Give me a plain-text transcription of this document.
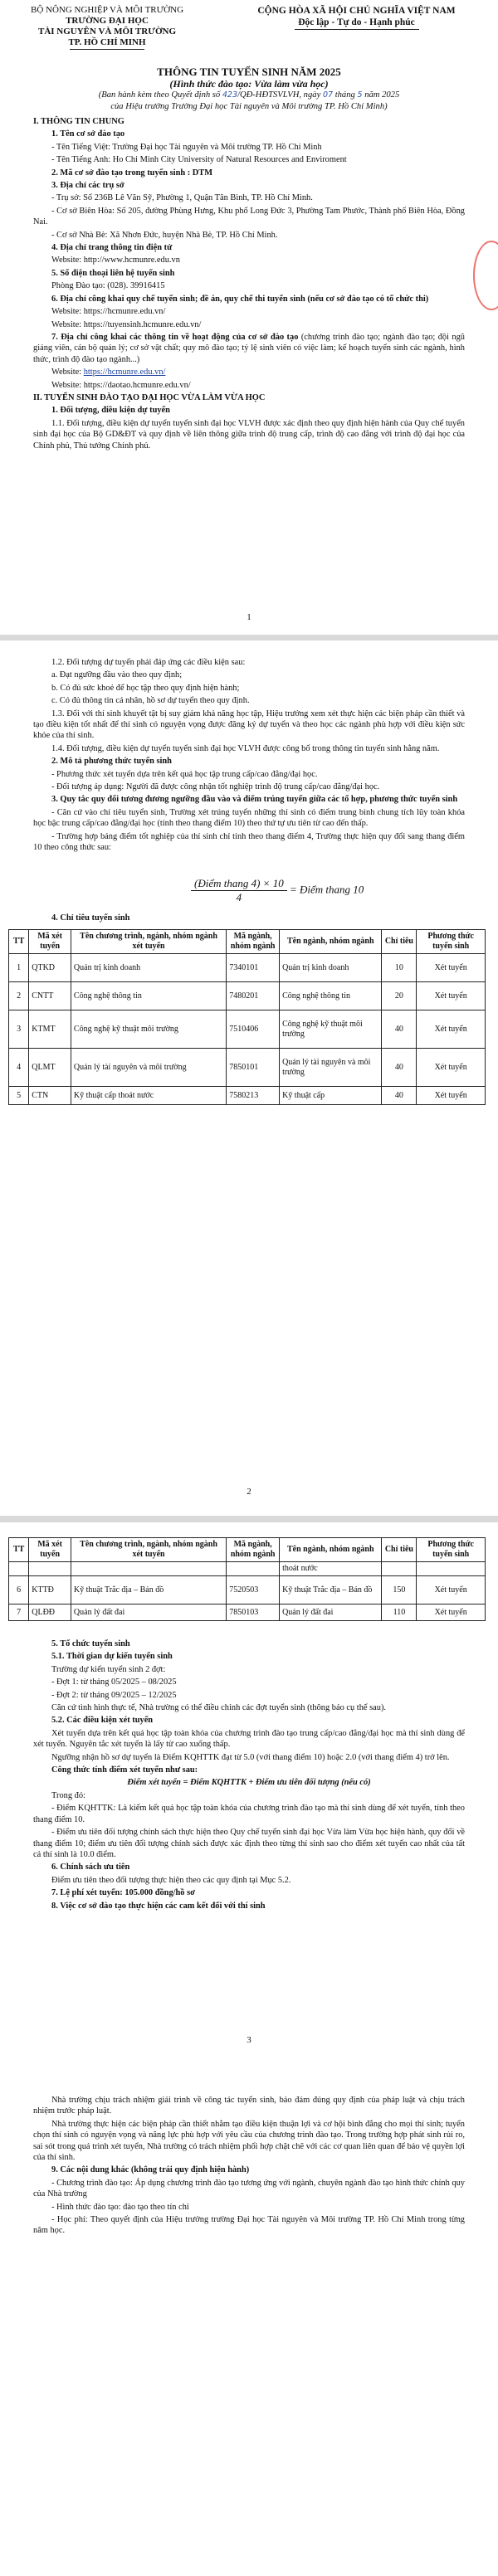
BỘ NÔNG NGHIỆP VÀ MÔI TRƯỜNG
TRƯỜNG ĐẠI HỌC
TÀI NGUYÊN VÀ MÔI TRƯỜNG
TP. HỒ CHÍ MINH
CỘNG HÒA XÃ HỘI CHỦ NGHĨA VIỆT NAM
Độc lập - Tự do - Hạnh phúc
THÔNG TIN TUYỂN SINH NĂM 2025
(Hình thức đào tạo: Vừa làm vừa học)
(Ban hành kèm theo Quyết định số 423/QĐ-HĐTSVLVH, ngày 07 tháng 5 năm 2025
của Hiệu trưởng Trường Đại học Tài nguyên và Môi trường TP. Hồ Chí Minh)

I. THÔNG TIN CHUNG

1. Tên cơ sở đào tạo

- Tên Tiếng Việt: Trường Đại học Tài nguyên và Môi trường TP. Hồ Chí Minh

- Tên Tiếng Anh: Ho Chi Minh City University of Natural Resources and Enviroment

2. Mã cơ sở đào tạo trong tuyển sinh : DTM

3. Địa chỉ các trụ sở

- Trụ sở: Số 236B Lê Văn Sỹ, Phường 1, Quận Tân Bình, TP. Hồ Chí Minh.

- Cơ sở Biên Hòa: Số 205, đường Phùng Hưng, Khu phố Long Đức 3, Phường Tam Phước, Thành phố Biên Hòa, Đồng Nai.

- Cơ sở Nhà Bè: Xã Nhơn Đức, huyện Nhà Bè, TP. Hồ Chí Minh.

4. Địa chỉ trang thông tin điện tử

Website: http://www.hcmunre.edu.vn

5. Số điện thoại liên hệ tuyển sinh

Phòng Đào tạo: (028). 39916415

6. Địa chỉ công khai quy chế tuyển sinh; đề án, quy chế thi tuyển sinh (nếu cơ sở đào tạo có tổ chức thi)

Website: https://hcmunre.edu.vn/

Website: https://tuyensinh.hcmunre.edu.vn/

7. Địa chỉ công khai các thông tin về hoạt động của cơ sở đào tạo (chương trình đào tạo; ngành đào tạo; đội ngũ giảng viên, cán bộ quản lý; cơ sở vật chất; quy mô đào tạo; tỷ lệ sinh viên có việc làm; kế hoạch tuyển sinh các ngành, hình thức, trình độ đào tạo ngành...)

Website: https://hcmunre.edu.vn/

Website: https://daotao.hcmunre.edu.vn/

II. TUYỂN SINH ĐÀO TẠO ĐẠI HỌC VỪA LÀM VỪA HỌC

1. Đối tượng, điều kiện dự tuyển

1.1. Đối tượng, điều kiện dự tuyển tuyển sinh đại học VLVH được xác định theo quy định hiện hành của Quy chế tuyển sinh đại học của Bộ GD&ĐT và quy định về liên thông giữa trình độ trung cấp, trình độ cao đẳng với trình độ đại học của Chính phủ, Thủ tướng Chính phủ.

1

1.2. Đối tượng dự tuyển phải đáp ứng các điều kiện sau:

a. Đạt ngưỡng đầu vào theo quy định;

b. Có đủ sức khoẻ để học tập theo quy định hiện hành;

c. Có đủ thông tin cá nhân, hồ sơ dự tuyển theo quy định.

1.3. Đối với thí sinh khuyết tật bị suy giảm khả năng học tập, Hiệu trưởng xem xét thực hiện các biện pháp cần thiết và tạo điều kiện tốt nhất để thí sinh có nguyện vọng được đăng ký dự tuyển và theo học các ngành phù hợp với điều kiện sức khỏe của thí sinh.

1.4. Đối tượng, điều kiện dự tuyển tuyển sinh đại học VLVH được công bố trong thông tin tuyển sinh hằng năm.

2. Mô tả phương thức tuyển sinh

- Phương thức xét tuyển dựa trên kết quả học tập trung cấp/cao đẳng/đại học.

- Đối tượng áp dụng: Người đã được công nhận tốt nghiệp trình độ trung cấp/cao đẳng/đại học.

3. Quy tắc quy đổi tương đương ngưỡng đầu vào và điểm trúng tuyển giữa các tổ hợp, phương thức tuyển sinh

- Căn cứ vào chỉ tiêu tuyển sinh, Trường xét trúng tuyển những thí sinh có điểm trung bình chung tích lũy toàn khóa học bậc trung cấp/cao đẳng/đại học (tính theo thang điểm 10) theo thứ tự ưu tiên từ cao đến thấp.

- Trường hợp bảng điểm tốt nghiệp của thí sinh chỉ tính theo thang điểm 4, Trường thực hiện quy đổi sang thang điểm 10 theo công thức sau:

$\frac{\text{(Điểm thang 4) × 10}}{4}$ = Điểm thang 10

4. Chỉ tiêu tuyển sinh

TT	Mã xét tuyển	Tên chương trình, ngành, nhóm ngành xét tuyển	Mã ngành, nhóm ngành	Tên ngành, nhóm ngành	Chỉ tiêu	Phương thức tuyển sinh
1	QTKD	Quản trị kinh doanh	7340101	Quản trị kinh doanh	10	Xét tuyển
2	CNTT	Công nghệ thông tin	7480201	Công nghệ thông tin	20	Xét tuyển
3	KTMT	Công nghệ kỹ thuật môi trường	7510406	Công nghệ kỹ thuật môi trường	40	Xét tuyển
4	QLMT	Quản lý tài nguyên và môi trường	7850101	Quản lý tài nguyên và môi trường	40	Xét tuyển
5	CTN	Kỹ thuật cấp thoát nước	7580213	Kỹ thuật cấp	40	Xét tuyển
2
TT	Mã xét tuyển	Tên chương trình, ngành, nhóm ngành xét tuyển	Mã ngành, nhóm ngành	Tên ngành, nhóm ngành	Chỉ tiêu	Phương thức tuyển sinh
				thoát nước		
6	KTTĐ	Kỹ thuật Trắc địa – Bản đồ	7520503	Kỹ thuật Trắc địa – Bản đồ	150	Xét tuyển
7	QLĐĐ	Quản lý đất đai	7850103	Quản lý đất đai	110	Xét tuyển

5. Tổ chức tuyển sinh

5.1. Thời gian dự kiến tuyển sinh

Trường dự kiến tuyển sinh 2 đợt:

- Đợt 1: từ tháng 05/2025 – 08/2025

- Đợt 2: từ tháng 09/2025 – 12/2025

Căn cứ tình hình thực tế, Nhà trường có thể điều chỉnh các đợt tuyển sinh (thông báo cụ thể sau).

5.2. Các điều kiện xét tuyển

Xét tuyển dựa trên kết quả học tập toàn khóa của chương trình đào tạo trung cấp/cao đẳng/đại học mà thí sinh dùng để xét tuyển. Nguyên tắc xét tuyển là lấy từ cao xuống thấp.

Ngưỡng nhận hồ sơ dự tuyển là Điểm KQHTTK đạt từ 5.0 (với thang điểm 10) hoặc 2.0 (với thang điểm 4) trở lên.

Công thức tính điểm xét tuyển như sau:

Điểm xét tuyển = Điểm KQHTTK + Điểm ưu tiên đối tượng (nếu có)

Trong đó:

- Điểm KQHTTK: Là kiểm kết quả học tập toàn khóa của chương trình đào tạo mà thí sinh dùng để xét tuyển, tính theo thang điểm 10.

- Điểm ưu tiên đối tượng chính sách thực hiện theo Quy chế tuyển sinh đại học Vừa làm Vừa học hiện hành, quy đổi về thang điểm 10; điểm ưu tiên đối tượng chính sách được xác định theo từng thí sinh sao cho điểm xét tuyển cao nhất của tất cả thí sinh là 10.0 điểm.

6. Chính sách ưu tiên

Điểm ưu tiên theo đối tượng thực hiện theo các quy định tại Mục 5.2.

7. Lệ phí xét tuyển: 105.000 đồng/hồ sơ

8. Việc cơ sở đào tạo thực hiện các cam kết đối với thí sinh

3

Nhà trường chịu trách nhiệm giải trình về công tác tuyển sinh, bảo đảm đúng quy định của pháp luật và chịu trách nhiệm trước pháp luật.

Nhà trường thực hiện các biện pháp cần thiết nhằm tạo điều kiện thuận lợi và cơ hội bình đẳng cho mọi thí sinh; tuyển chọn thí sinh có nguyện vọng và năng lực phù hợp với yêu cầu của chương trình đào tạo. Trong trường hợp phát sinh rủi ro, sai sót trong quá trình xét tuyển, Nhà trường có trách nhiệm phối hợp chặt chẽ với các cơ quan liên quan để bảo vệ quyền lợi của thí sinh.

9. Các nội dung khác (không trái quy định hiện hành)

- Chương trình đào tạo: Áp dụng chương trình đào tạo tương ứng với ngành, chuyên ngành đào tạo hình thức chính quy của Nhà trường

- Hình thức đào tạo: đào tạo theo tín chỉ

- Học phí: Theo quyết định của Hiệu trưởng trường Đại học Tài nguyên và Môi trường TP. Hồ Chí Minh trong từng năm học.
